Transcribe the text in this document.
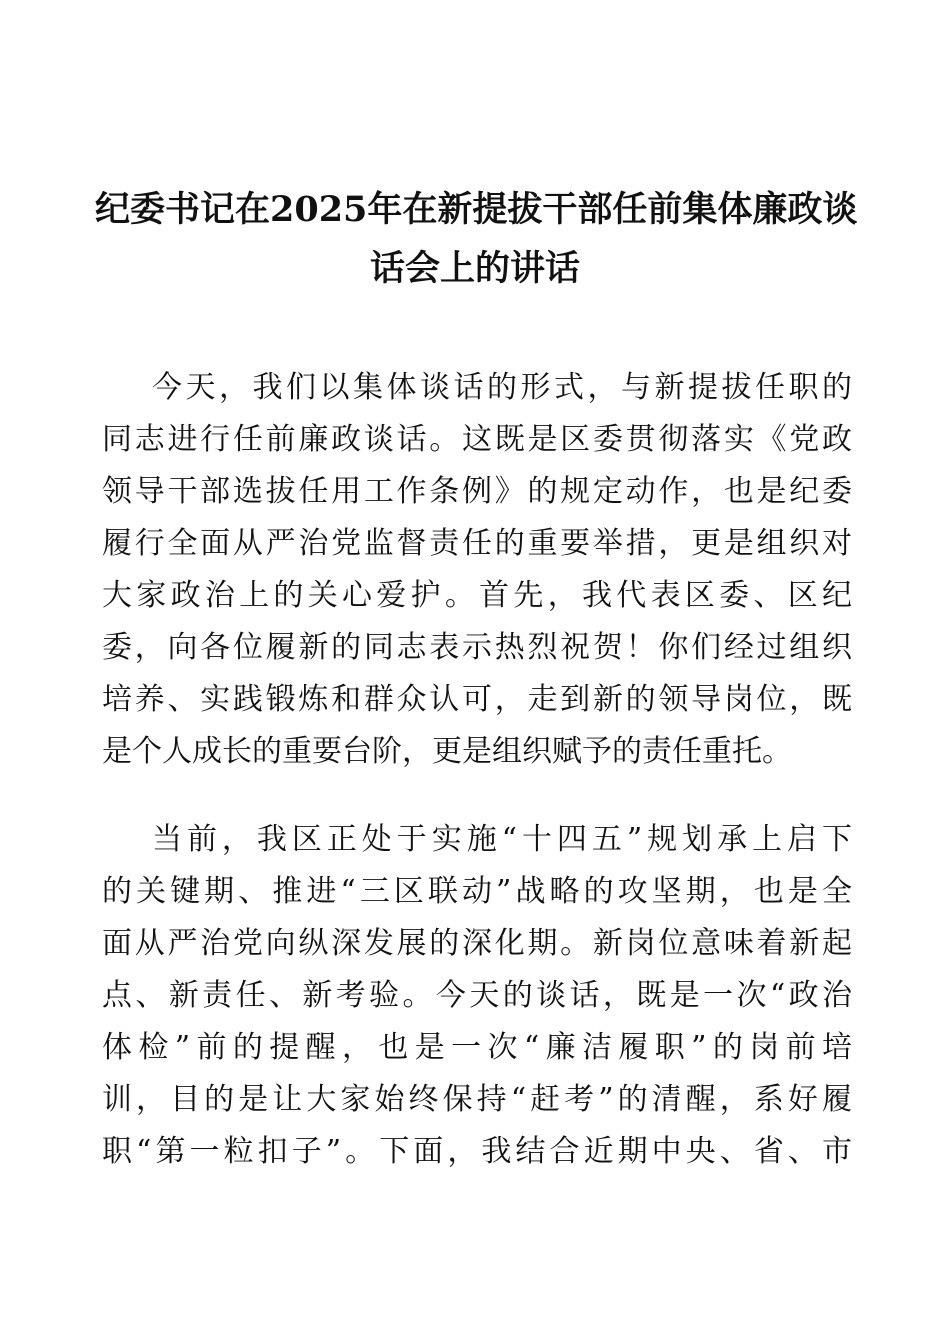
纪委书记在2025年在新提拔干部任前集体廉政谈
话会上的讲话
今天，我们以集体谈话的形式，与新提拔任职的
同志进行任前廉政谈话。这既是区委贯彻落实《党政
领导干部选拔任用工作条例》的规定动作，也是纪委
履行全面从严治党监督责任的重要举措，更是组织对
大家政治上的关心爱护。首先，我代表区委、区纪
委，向各位履新的同志表示热烈祝贺！你们经过组织
培养、实践锻炼和群众认可，走到新的领导岗位，既
是个人成长的重要台阶，更是组织赋予的责任重托。
当前，我区正处于实施“十四五”规划承上启下
的关键期、推进“三区联动”战略的攻坚期，也是全
面从严治党向纵深发展的深化期。新岗位意味着新起
点、新责任、新考验。今天的谈话，既是一次“政治
体检”前的提醒，也是一次“廉洁履职”的岗前培
训，目的是让大家始终保持“赶考”的清醒，系好履
职“第一粒扣子”。下面，我结合近期中央、省、市
